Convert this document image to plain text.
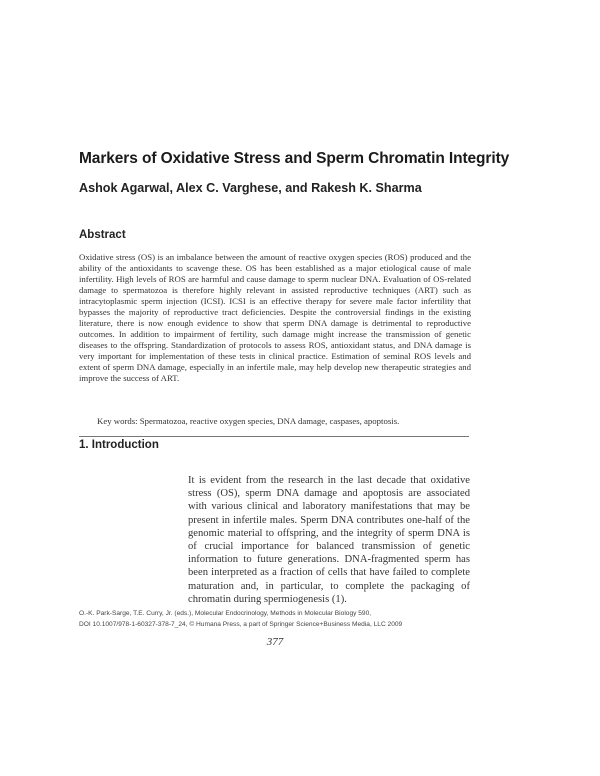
Markers of Oxidative Stress and Sperm Chromatin Integrity
Ashok Agarwal, Alex C. Varghese, and Rakesh K. Sharma
Abstract

Oxidative stress (OS) is an imbalance between the amount of reactive oxygen species (ROS) produced and the ability of the antioxidants to scavenge these. OS has been established as a major etiological cause of male infertility. High levels of ROS are harmful and cause damage to sperm nuclear DNA. Evaluation of OS-related damage to spermatozoa is therefore highly relevant in assisted reproductive techniques (ART) such as intracytoplasmic sperm injection (ICSI). ICSI is an effective therapy for severe male factor infertility that bypasses the majority of reproductive tract deficiencies. Despite the controversial findings in the existing literature, there is now enough evidence to show that sperm DNA damage is detrimental to reproductive outcomes. In addition to impairment of fertility, such damage might increase the transmission of genetic diseases to the offspring. Standardization of protocols to assess ROS, antioxidant status, and DNA damage is very important for implementation of these tests in clinical practice. Estimation of seminal ROS levels and extent of sperm DNA damage, especially in an infertile male, may help develop new therapeutic strategies and improve the success of ART.

Key words: Spermatozoa, reactive oxygen species, DNA damage, caspases, apoptosis.
1. Introduction

It is evident from the research in the last decade that oxidative stress (OS), sperm DNA damage and apoptosis are associated with various clinical and laboratory manifestations that may be present in infertile males. Sperm DNA contributes one-half of the genomic material to offspring, and the integrity of sperm DNA is of crucial importance for balanced transmission of genetic information to future generations. DNA-fragmented sperm has been interpreted as a fraction of cells that have failed to complete maturation and, in particular, to complete the packaging of chromatin during spermiogenesis (1).

O.-K. Park-Sarge, T.E. Curry, Jr. (eds.), Molecular Endocrinology, Methods in Molecular Biology 590,

DOI 10.1007/978-1-60327-378-7_24, © Humana Press, a part of Springer Science+Business Media, LLC 2009

377
